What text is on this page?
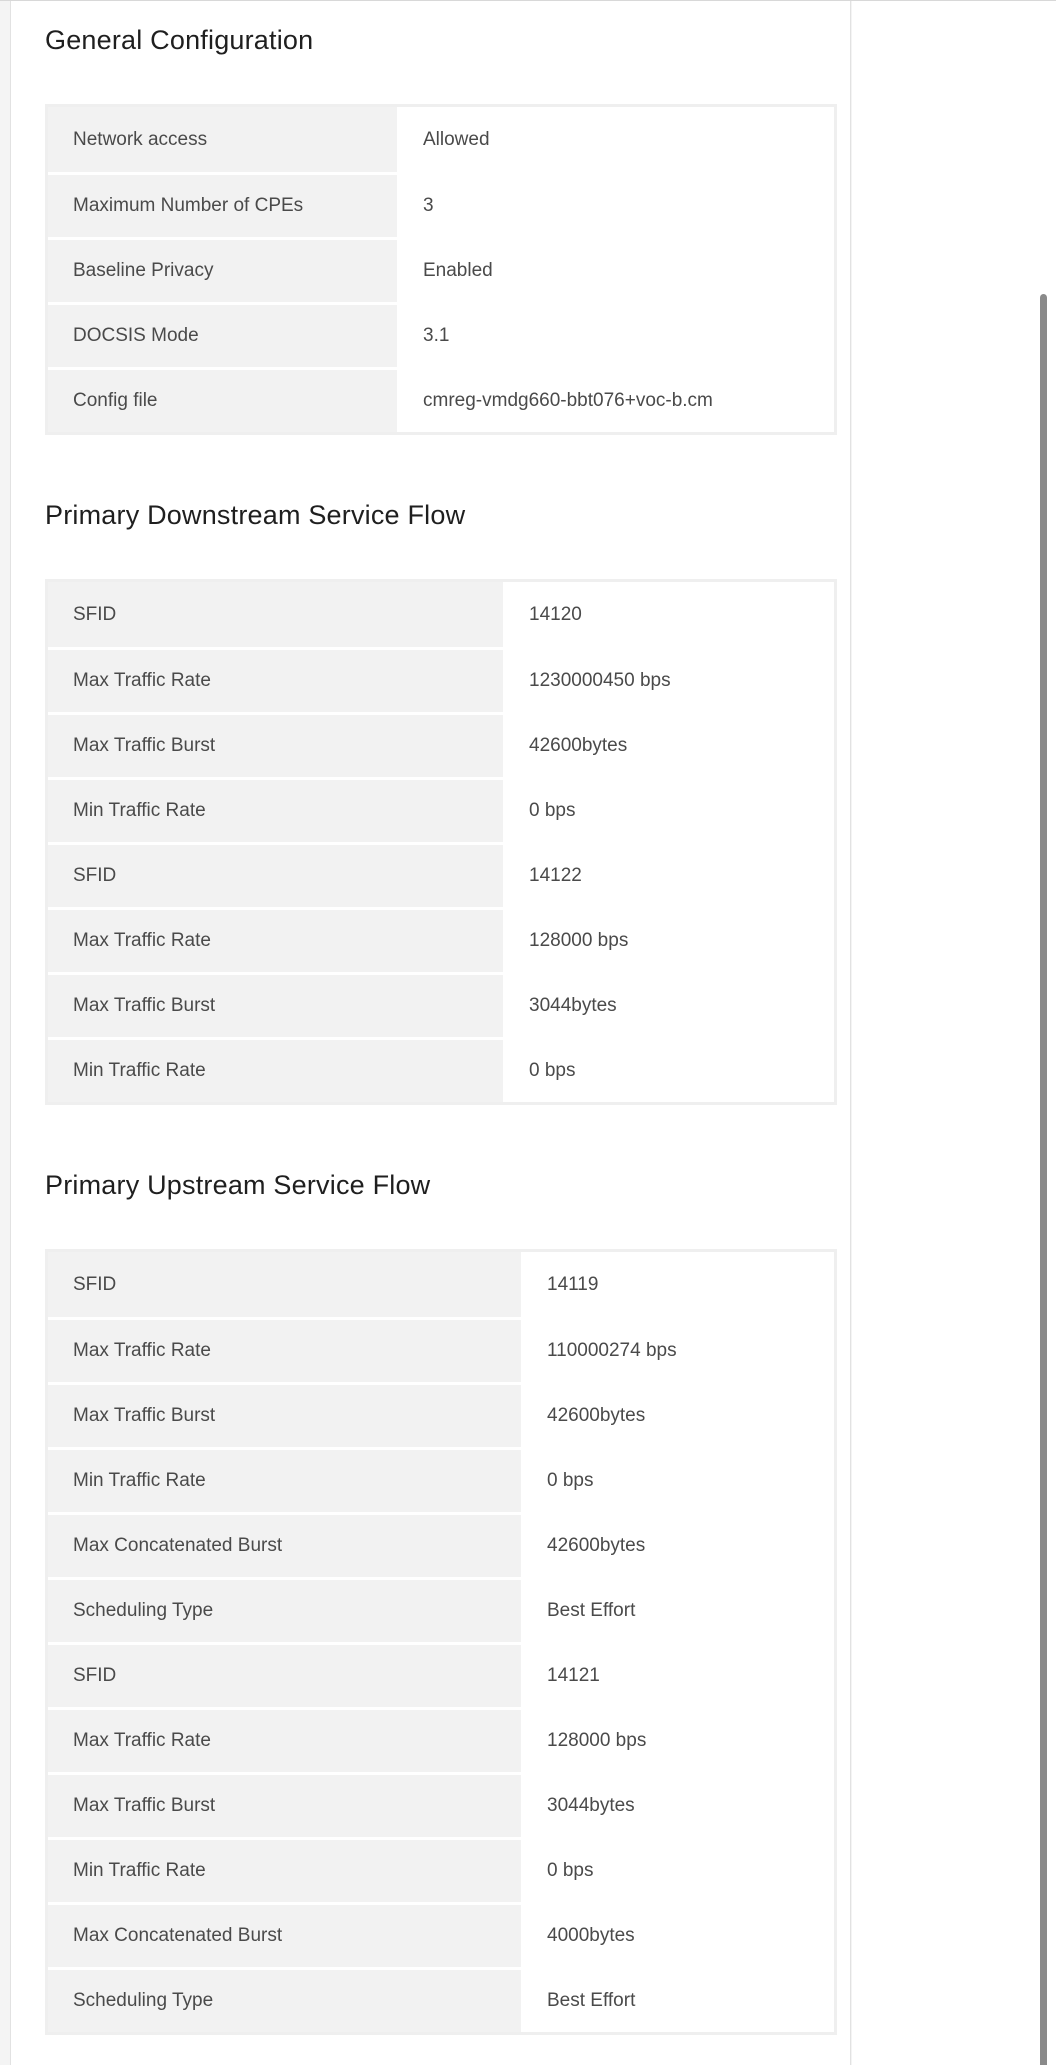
General Configuration
Network access	Allowed
Maximum Number of CPEs	3
Baseline Privacy	Enabled
DOCSIS Mode	3.1
Config file	cmreg-vmdg660-bbt076+voc-b.cm
Primary Downstream Service Flow
SFID	14120
Max Traffic Rate	1230000450 bps
Max Traffic Burst	42600bytes
Min Traffic Rate	0 bps
SFID	14122
Max Traffic Rate	128000 bps
Max Traffic Burst	3044bytes
Min Traffic Rate	0 bps
Primary Upstream Service Flow
SFID	14119
Max Traffic Rate	110000274 bps
Max Traffic Burst	42600bytes
Min Traffic Rate	0 bps
Max Concatenated Burst	42600bytes
Scheduling Type	Best Effort
SFID	14121
Max Traffic Rate	128000 bps
Max Traffic Burst	3044bytes
Min Traffic Rate	0 bps
Max Concatenated Burst	4000bytes
Scheduling Type	Best Effort
